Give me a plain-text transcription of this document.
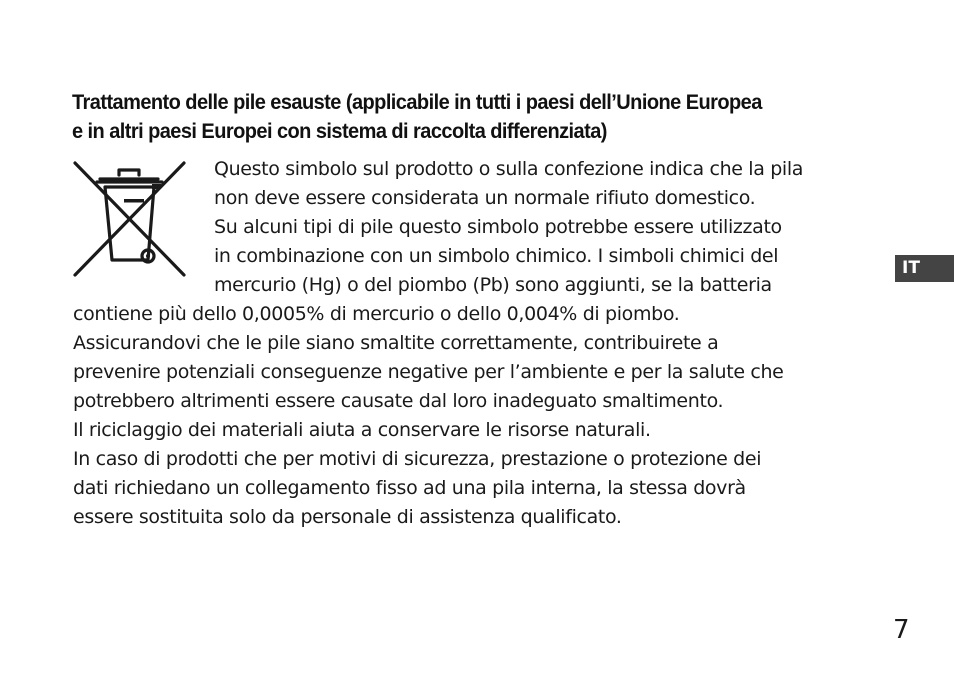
Trattamento delle pile esauste (applicabile in tutti i paesi dell’Unione Europea
e in altri paesi Europei con sistema di raccolta differenziata)
Questo simbolo sul prodotto o sulla confezione indica che la pila
non deve essere considerata un normale rifiuto domestico.
Su alcuni tipi di pile questo simbolo potrebbe essere utilizzato
in combinazione con un simbolo chimico. I simboli chimici del
mercurio (Hg) o del piombo (Pb) sono aggiunti, se la batteria
contiene più dello 0,0005% di mercurio o dello 0,004% di piombo.
Assicurandovi che le pile siano smaltite correttamente, contribuirete a
prevenire potenziali conseguenze negative per l’ambiente e per la salute che
potrebbero altrimenti essere causate dal loro inadeguato smaltimento.
Il riciclaggio dei materiali aiuta a conservare le risorse naturali.
In caso di prodotti che per motivi di sicurezza, prestazione o protezione dei
dati richiedano un collegamento fisso ad una pila interna, la stessa dovrà
essere sostituita solo da personale di assistenza qualificato.
IT
7
